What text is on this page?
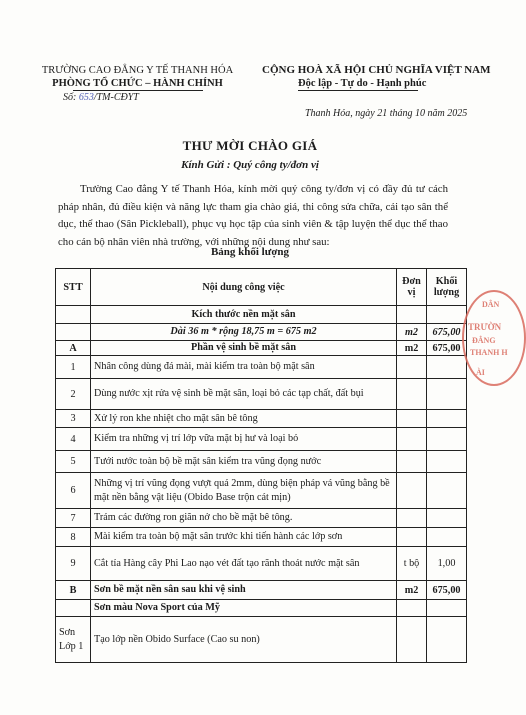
TRƯỜNG CAO ĐẲNG Y TẾ THANH HÓA
PHÒNG TỔ CHỨC – HÀNH CHÍNH
Số: 653/TM-CĐYT
CỘNG HOÀ XÃ HỘI CHỦ NGHĨA VIỆT NAM
Độc lập - Tự do - Hạnh phúc
Thanh Hóa, ngày 21 tháng 10 năm 2025
THƯ MỜI CHÀO GIÁ
Kính Gửi : Quý công ty/đơn vị
Trường Cao đẳng Y tế Thanh Hóa, kính mời quý công ty/đơn vị có đầy đủ tư cách pháp nhân, đủ điều kiện và năng lực tham gia chào giá, thi công sửa chữa, cải tạo sân thể dục, thể thao (Sân Pickleball), phục vụ học tập của sinh viên & tập luyện thể dục thể thao cho cán bộ nhân viên nhà trường, với những nội dung như sau:
Bảng khối lượng
STT	Nội dung công việc	Đơn vị	Khối lượng
	Kích thước nền mặt sân		
	Dài 36 m * rộng 18,75 m = 675 m2	m2	675,00
A	Phần vệ sinh bề mặt sân	m2	675,00
1	Nhân công dùng đá mài, mài kiểm tra toàn bộ mặt sân		
2	Dùng nước xịt rửa vệ sinh bề mặt sân, loại bỏ các tạp chất, đất bụi		
3	Xử lý ron khe nhiệt cho mặt sân bê tông		
4	Kiểm tra những vị trí lớp vữa mặt bị hư và loại bỏ		
5	Tưới nước toàn bộ bề mặt sân kiểm tra vũng đọng nước		
6	Những vị trí vũng đọng vượt quá 2mm, dùng biện pháp vá vũng bằng bề mặt nền bằng vật liệu (Obido Base trộn cát mịn)		
7	Trám các đường ron giãn nở cho bề mặt bê tông.		
8	Mài kiểm tra toàn bộ mặt sân trước khi tiến hành các lớp sơn		
9	Cắt tỉa Hàng cây Phi Lao nạo vét đất tạo rãnh thoát nước mặt sân	t bộ	1,00
B	Sơn bề mặt nền sân sau khi vệ sinh	m2	675,00
	Sơn màu Nova Sport của Mỹ		
Sơn Lớp 1	Tạo lớp nền Obido Surface (Cao su non)		
DÂN
TRƯỜN
ĐẲNG
THANH H
ÀI
